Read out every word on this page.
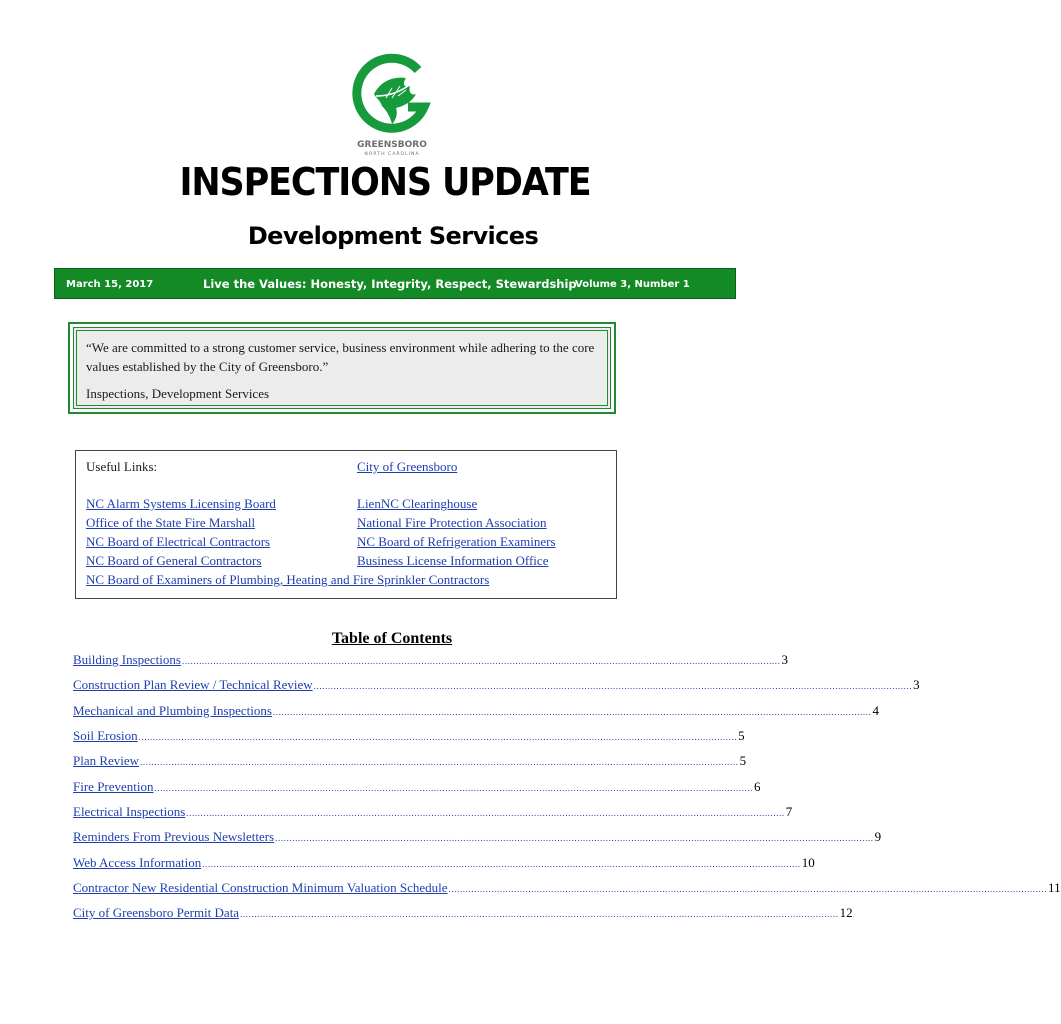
GREENSBORO
NORTH CAROLINA
INSPECTIONS UPDATE
Development Services
March 15, 2017	Live the Values: Honesty, Integrity, Respect, Stewardship
Volume 3, Number 1

“We are committed to a strong customer service, business environment while adhering to the core values established by the City of Greensboro.”

Inspections, Development Services

Useful Links:	City of Greensboro
NC Alarm Systems Licensing Board
Office of the State Fire Marshall
NC Board of Electrical Contractors
NC Board of General Contractors
LienNC Clearinghouse
National Fire Protection Association
NC Board of Refrigeration Examiners
Business License Information Office
NC Board of Examiners of Plumbing, Heating and Fire Sprinkler Contractors
Table of Contents
Building Inspections .................................................................................................................................................................................................................. 3
Construction Plan Review / Technical Review .................................................................................................................................................................................................................. 3
Mechanical and Plumbing Inspections .................................................................................................................................................................................................................. 4
Soil Erosion .................................................................................................................................................................................................................. 5
Plan Review .................................................................................................................................................................................................................. 5
Fire Prevention .................................................................................................................................................................................................................. 6
Electrical Inspections .................................................................................................................................................................................................................. 7
Reminders From Previous Newsletters .................................................................................................................................................................................................................. 9
Web Access Information .................................................................................................................................................................................................................. 10
Contractor New Residential Construction Minimum Valuation Schedule .................................................................................................................................................................................................................. 11
City of Greensboro Permit Data .................................................................................................................................................................................................................. 12
